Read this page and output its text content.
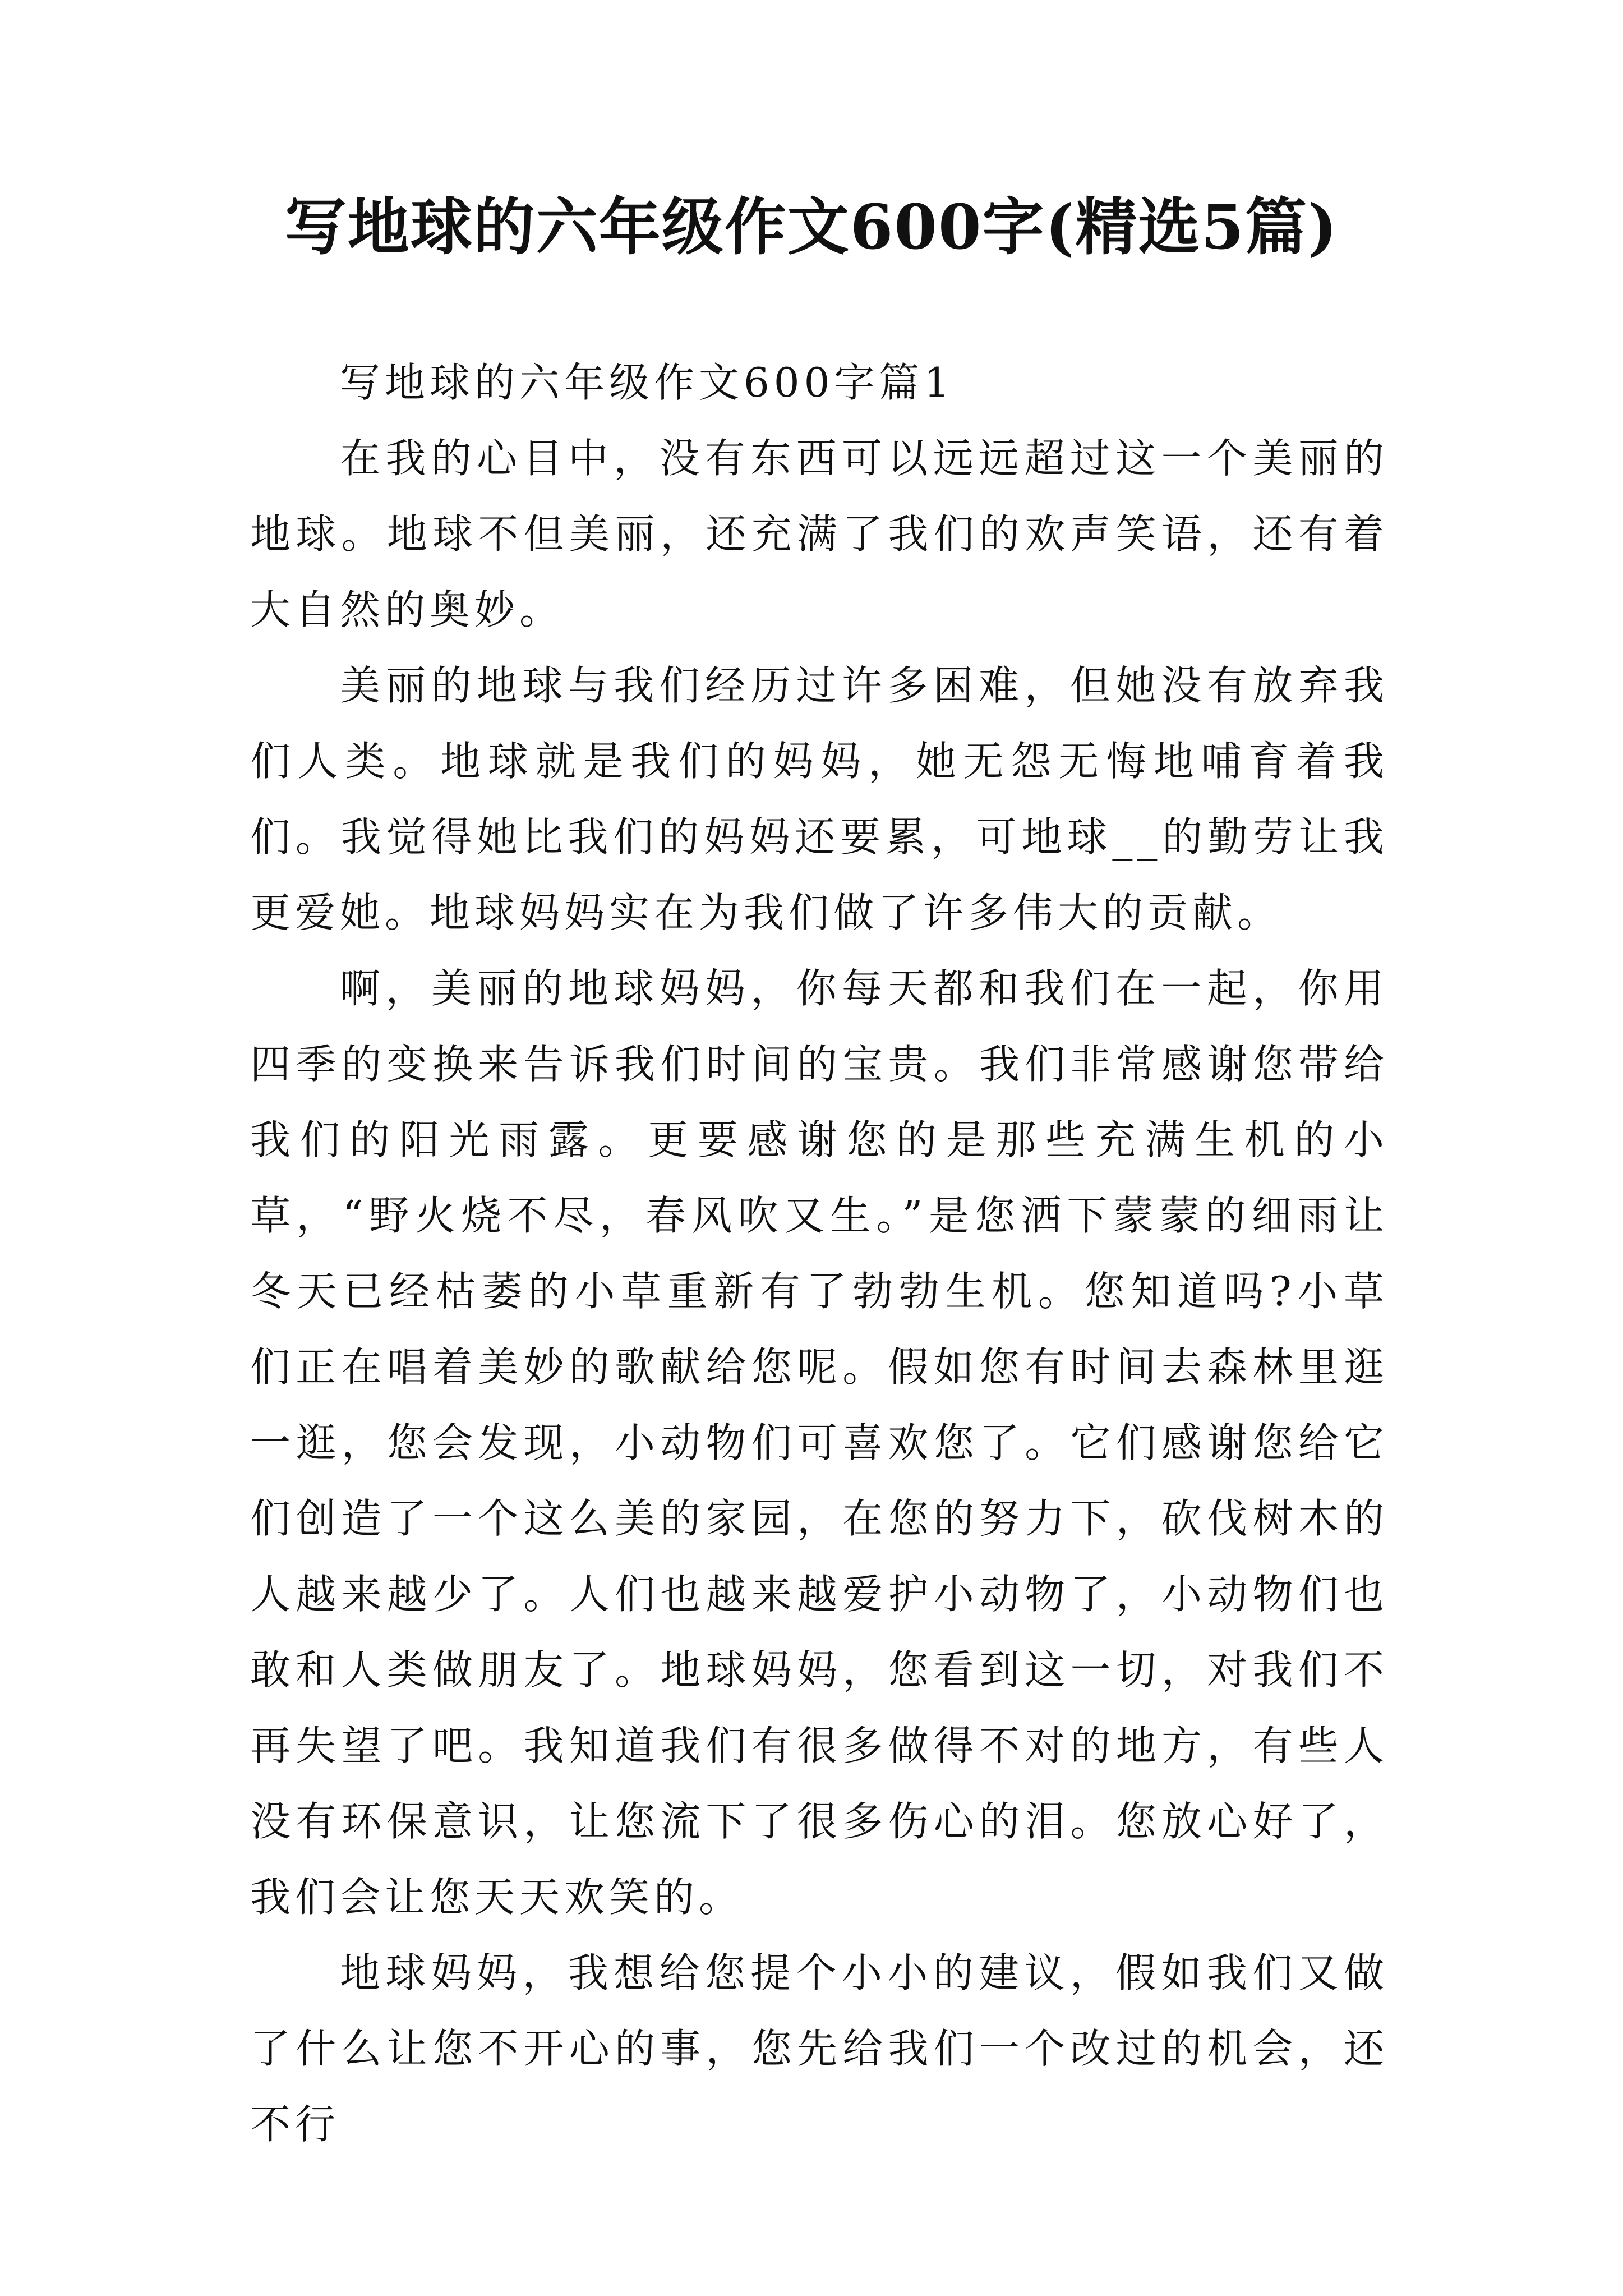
写地球的六年级作文600字(精选5篇)

写地球的六年级作文600字篇1

在我的心目中，没有东西可以远远超过这一个美丽的地球。地球不但美丽，还充满了我们的欢声笑语，还有着大自然的奥妙。

美丽的地球与我们经历过许多困难，但她没有放弃我们人类。地球就是我们的妈妈，她无怨无悔地哺育着我们。我觉得她比我们的妈妈还要累，可地球__的勤劳让我更爱她。地球妈妈实在为我们做了许多伟大的贡献。

啊，美丽的地球妈妈，你每天都和我们在一起，你用四季的变换来告诉我们时间的宝贵。我们非常感谢您带给我们的阳光雨露。更要感谢您的是那些充满生机的小草，“野火烧不尽，春风吹又生。”是您洒下蒙蒙的细雨让冬天已经枯萎的小草重新有了勃勃生机。您知道吗?小草们正在唱着美妙的歌献给您呢。假如您有时间去森林里逛一逛，您会发现，小动物们可喜欢您了。它们感谢您给它们创造了一个这么美的家园，在您的努力下，砍伐树木的人越来越少了。人们也越来越爱护小动物了，小动物们也敢和人类做朋友了。地球妈妈，您看到这一切，对我们不再失望了吧。我知道我们有很多做得不对的地方，有些人没有环保意识，让您流下了很多伤心的泪。您放心好了，我们会让您天天欢笑的。

地球妈妈，我想给您提个小小的建议，假如我们又做了什么让您不开心的事，您先给我们一个改过的机会，还不行
